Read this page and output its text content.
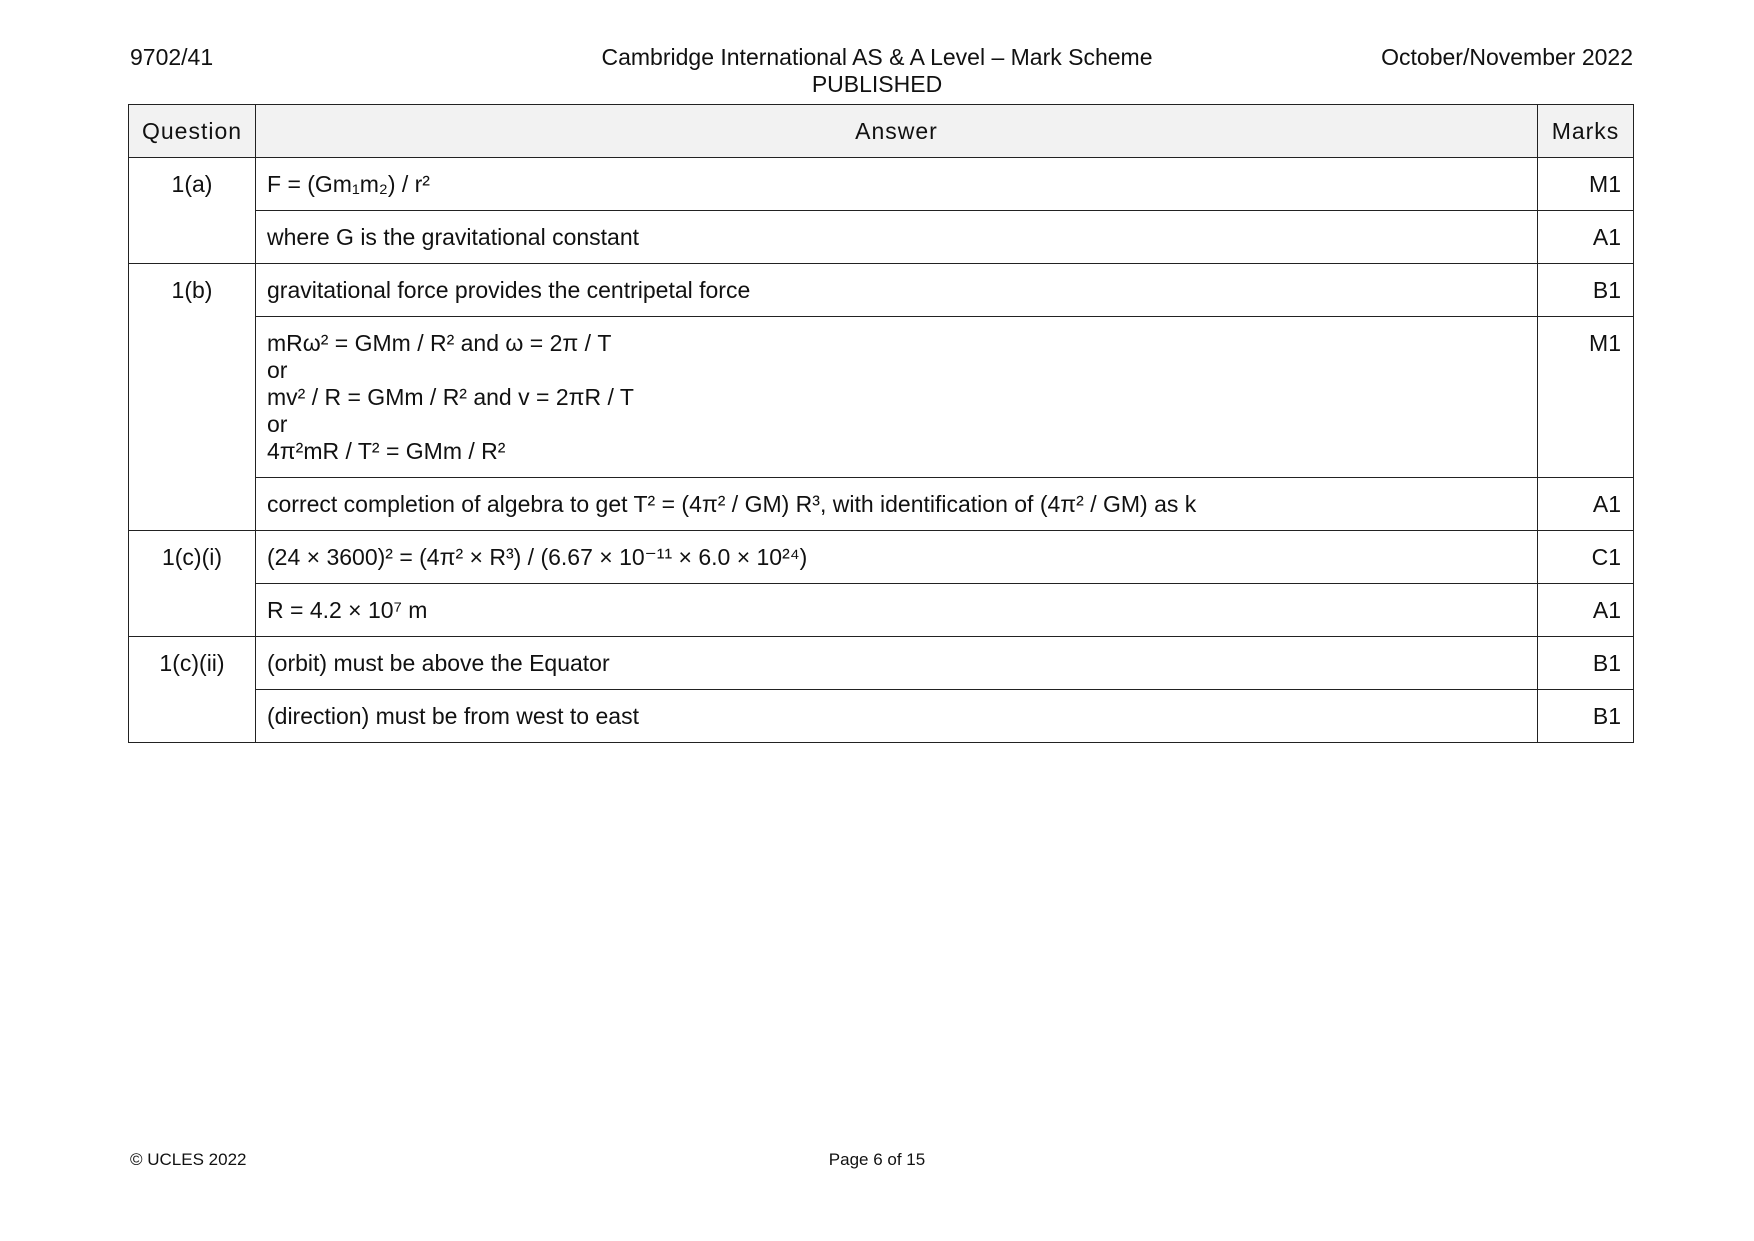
9702/41	Cambridge International AS & A Level – Mark Scheme
PUBLISHED
October/November 2022
Question	Answer	Marks
1(a)	F = (Gm₁m₂) / r²	M1

	where G is the gravitational constant	A1
1(b)	gravitational force provides the centripetal force	B1

	mRω² = GMm / R² and ω = 2π / T
or
mv² / R = GMm / R² and v = 2πR / T
or
4π²mR / T² = GMm / R²	M1

	correct completion of algebra to get T² = (4π² / GM) R³, with identification of (4π² / GM) as k	A1
1(c)(i)	(24 × 3600)² = (4π² × R³) / (6.67 × 10⁻¹¹ × 6.0 × 10²⁴)	C1

	R = 4.2 × 10⁷ m	A1
1(c)(ii)	(orbit) must be above the Equator	B1

	(direction) must be from west to east	B1
© UCLES 2022	Page 6 of 15
